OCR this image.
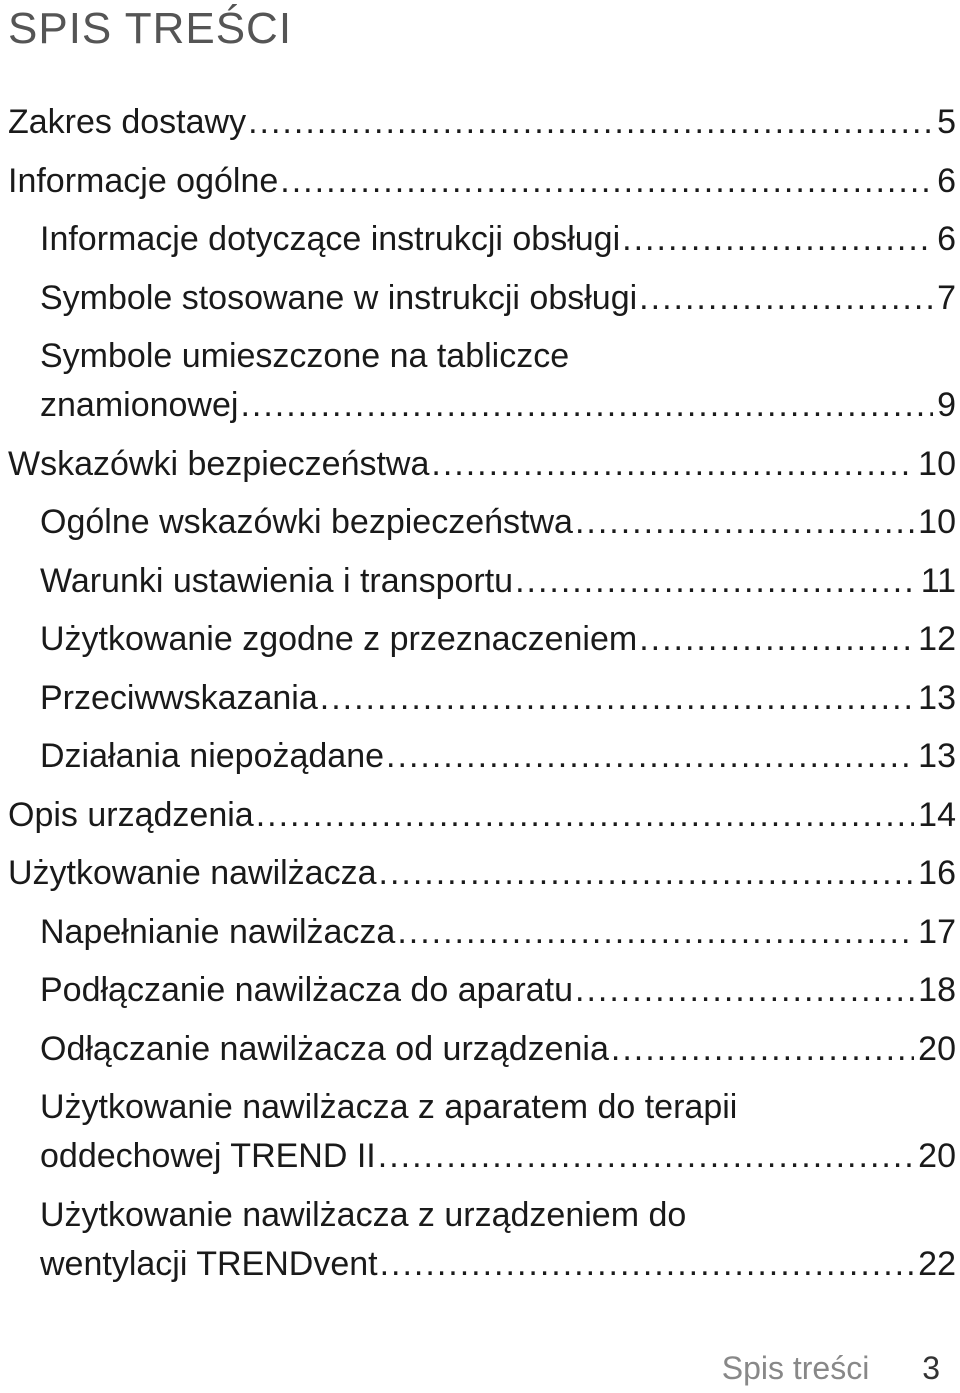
SPIS TREŚCI
Zakres dostawy .....	5
Informacje ogólne .....	6
Informacje dotyczące instrukcji obsługi .....	6
Symbole stosowane w instrukcji obsługi .....	7
Symbole umieszczone na tabliczce
znamionowej .....	9
Wskazówki bezpieczeństwa .....	10
Ogólne wskazówki bezpieczeństwa .....	10
Warunki ustawienia i transportu .....	11
Użytkowanie zgodne z przeznaczeniem .....	12
Przeciwwskazania .....	13
Działania niepożądane .....	13
Opis urządzenia .....	14
Użytkowanie nawilżacza .....	16
Napełnianie nawilżacza .....	17
Podłączanie nawilżacza do aparatu .....	18
Odłączanie nawilżacza od urządzenia .....	20
Użytkowanie nawilżacza z aparatem do terapii
oddechowej TREND II .....	20
Użytkowanie nawilżacza z urządzeniem do
wentylacji TRENDvent .....	22
Spis treści 3
